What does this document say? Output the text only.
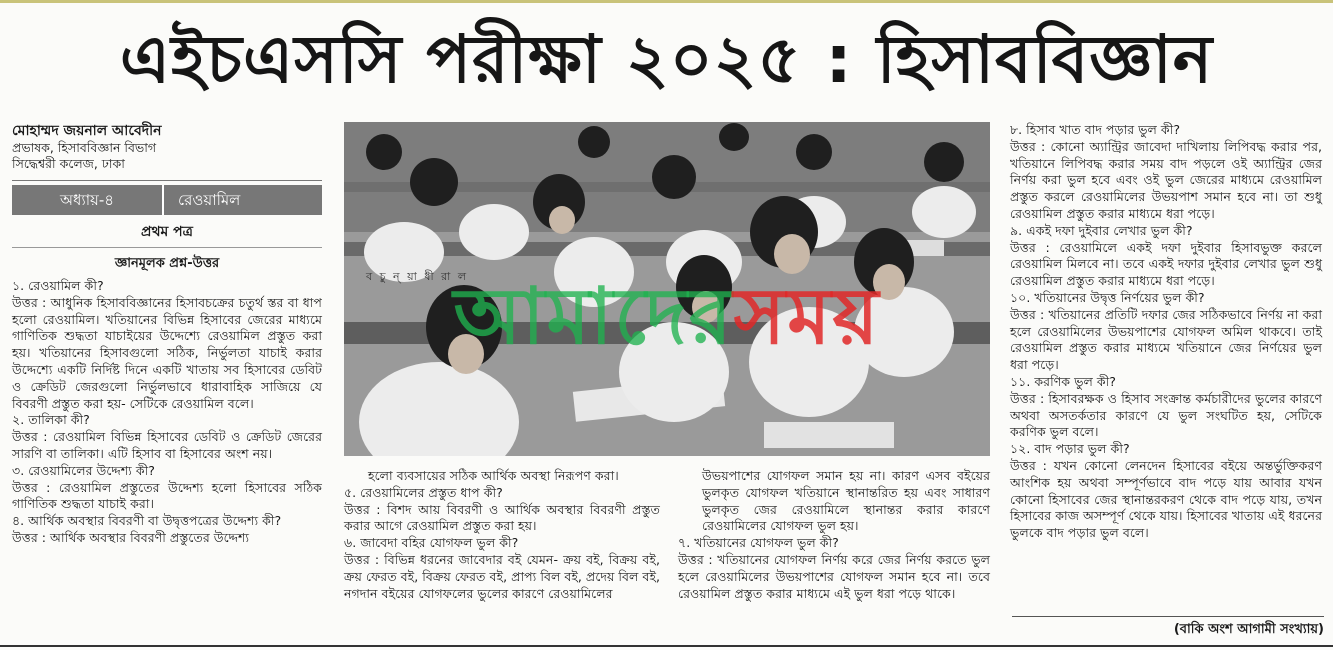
এইচএসসি পরীক্ষা ২০২৫ : হিসাববিজ্ঞান
মোহাম্মদ জয়নাল আবেদীন
প্রভাষক, হিসাববিজ্ঞান বিভাগ
সিদ্ধেশ্বরী কলেজ, ঢাকা
অধ্যায়-৪	রেওয়ামিল
প্রথম পত্র
জ্ঞানমূলক প্রশ্ন-উত্তর

১. রেওয়ামিল কী?

উত্তর : আধুনিক হিসাববিজ্ঞানের হিসাবচক্রের চতুর্থ স্তর বা ধাপ হলো রেওয়ামিল। খতিয়ানের বিভিন্ন হিসাবের জেরের মাধ্যমে গাণিতিক শুদ্ধতা যাচাইয়ের উদ্দেশ্যে রেওয়ামিল প্রস্তুত করা হয়। খতিয়ানের হিসাবগুলো সঠিক, নির্ভুলতা যাচাই করার উদ্দেশ্যে একটি নির্দিষ্ট দিনে একটি খাতায় সব হিসাবের ডেবিট ও ক্রেডিট জেরগুলো নির্ভুলভাবে ধারাবাহিক সাজিয়ে যে বিবরণী প্রস্তুত করা হয়- সেটিকে রেওয়ামিল বলে।

২. তালিকা কী?

উত্তর : রেওয়ামিল বিভিন্ন হিসাবের ডেবিট ও ক্রেডিট জেরের সারণি বা তালিকা। এটি হিসাব বা হিসাবের অংশ নয়।

৩. রেওয়ামিলের উদ্দেশ্য কী?

উত্তর : রেওয়ামিল প্রস্তুতের উদ্দেশ্য হলো হিসাবের সঠিক গাণিতিক শুদ্ধতা যাচাই করা।

৪. আর্থিক অবস্থার বিবরণী বা উদ্বৃত্তপত্রের উদ্দেশ্য কী?

উত্তর : আর্থিক অবস্থার বিবরণী প্রস্তুতের উদ্দেশ্য

ব চু ন্ য়া ধী রা ল
আমাদেরসময়

হলো ব্যবসায়ের সঠিক আর্থিক অবস্থা নিরূপণ করা।

৫. রেওয়ামিলের প্রস্তুত ধাপ কী?

উত্তর : বিশদ আয় বিবরণী ও আর্থিক অবস্থার বিবরণী প্রস্তুত করার আগে রেওয়ামিল প্রস্তুত করা হয়।

৬. জাবেদা বহির যোগফল ভুল কী?

উত্তর : বিভিন্ন ধরনের জাবেদার বই যেমন- ক্রয় বই, বিক্রয় বই, ক্রয় ফেরত বই, বিক্রয় ফেরত বই, প্রাপ্য বিল বই, প্রদেয় বিল বই, নগদান বইয়ের যোগফলের ভুলের কারণে রেওয়ামিলের

উভয়পাশের যোগফল সমান হয় না। কারণ এসব বইয়ের ভুলকৃত যোগফল খতিয়ানে স্থানান্তরিত হয় এবং সাধারণ ভুলকৃত জের রেওয়ামিলে স্থানান্তর করার কারণে রেওয়ামিলের যোগফল ভুল হয়।

৭. খতিয়ানের যোগফল ভুল কী?

উত্তর : খতিয়ানের যোগফল নির্ণয় করে জের নির্ণয় করতে ভুল হলে রেওয়ামিলের উভয়পাশের যোগফল সমান হবে না। তবে রেওয়ামিল প্রস্তুত করার মাধ্যমে এই ভুল ধরা পড়ে থাকে।

৮. হিসাব খাত বাদ পড়ার ভুল কী?

উত্তর : কোনো অ্যান্ট্রির জাবেদা দাখিলায় লিপিবদ্ধ করার পর, খতিয়ানে লিপিবদ্ধ করার সময় বাদ পড়লে ওই অ্যান্ট্রির জের নির্ণয় করা ভুল হবে এবং ওই ভুল জেরের মাধ্যমে রেওয়ামিল প্রস্তুত করলে রেওয়ামিলের উভয়পাশ সমান হবে না। তা শুধু রেওয়ামিল প্রস্তুত করার মাধ্যমে ধরা পড়ে।

৯. একই দফা দুইবার লেখার ভুল কী?

উত্তর : রেওয়ামিলে একই দফা দুইবার হিসাবভুক্ত করলে রেওয়ামিল মিলবে না। তবে একই দফার দুইবার লেখার ভুল শুধু রেওয়ামিল প্রস্তুত করার মাধ্যমে ধরা পড়ে।

১০. খতিয়ানের উদ্বৃত্ত নির্ণয়ের ভুল কী?

উত্তর : খতিয়ানের প্রতিটি দফার জের সঠিকভাবে নির্ণয় না করা হলে রেওয়ামিলের উভয়পাশের যোগফল অমিল থাকবে। তাই রেওয়ামিল প্রস্তুত করার মাধ্যমে খতিয়ানে জের নির্ণয়ের ভুল ধরা পড়ে।

১১. করণিক ভুল কী?

উত্তর : হিসাবরক্ষক ও হিসাব সংক্রান্ত কর্মচারীদের ভুলের কারণে অথবা অসতর্কতার কারণে যে ভুল সংঘটিত হয়, সেটিকে করণিক ভুল বলে।

১২. বাদ পড়ার ভুল কী?

উত্তর : যখন কোনো লেনদেন হিসাবের বইয়ে অন্তর্ভুক্তিকরণ আংশিক হয় অথবা সম্পূর্ণভাবে বাদ পড়ে যায় আবার যখন কোনো হিসাবের জের স্থানান্তরকরণ থেকে বাদ পড়ে যায়, তখন হিসাবের কাজ অসম্পূর্ণ থেকে যায়। হিসাবের খাতায় এই ধরনের ভুলকে বাদ পড়ার ভুল বলে।

(বাকি অংশ আগামী সংখ্যায়)
